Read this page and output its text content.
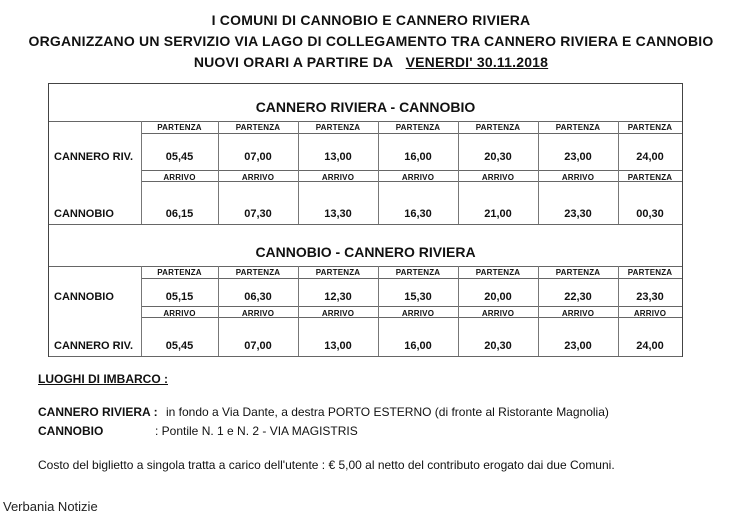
I COMUNI DI CANNOBIO E CANNERO RIVIERA
ORGANIZZANO UN SERVIZIO VIA LAGO DI COLLEGAMENTO TRA CANNERO RIVIERA E CANNOBIO
NUOVI ORARI A PARTIRE DA VENERDI' 30.11.2018
CANNERO RIVIERA - CANNOBIO
CANNOBIO - CANNERO RIVIERA
CANNERO RIV.
PARTENZA
05,45
PARTENZA
07,00
PARTENZA
13,00
PARTENZA
16,00
PARTENZA
20,30
PARTENZA
23,00
PARTENZA
24,00
CANNOBIO
ARRIVO
06,15
ARRIVO
07,30
ARRIVO
13,30
ARRIVO
16,30
ARRIVO
21,00
ARRIVO
23,30
PARTENZA
00,30
CANNOBIO
PARTENZA
05,15
PARTENZA
06,30
PARTENZA
12,30
PARTENZA
15,30
PARTENZA
20,00
PARTENZA
22,30
PARTENZA
23,30
CANNERO RIV.
ARRIVO
05,45
ARRIVO
07,00
ARRIVO
13,00
ARRIVO
16,00
ARRIVO
20,30
ARRIVO
23,00
ARRIVO
24,00
LUOGHI DI IMBARCO :
CANNERO RIVIERA : in fondo a Via Dante, a destra PORTO ESTERNO (di fronte al Ristorante Magnolia)
CANNOBIO	: Pontile N. 1 e N. 2 - VIA MAGISTRIS
Costo del biglietto a singola tratta a carico dell'utente : € 5,00 al netto del contributo erogato dai due Comuni.
Verbania Notizie
